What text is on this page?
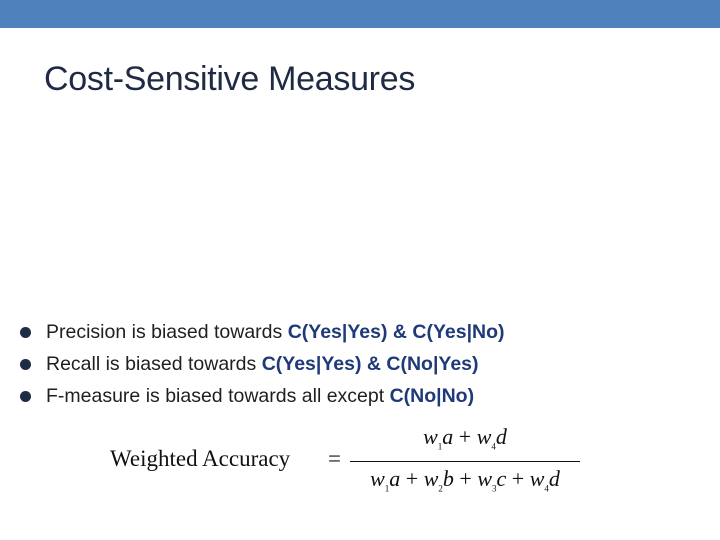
Cost-Sensitive Measures
Precision is biased towards C(Yes|Yes) & C(Yes|No)
Recall is biased towards C(Yes|Yes) & C(No|Yes)
F-measure is biased towards all except C(No|No)
Weighted Accuracy =
$w_1a + w_4d$
$w_1a + w_2b + w_3c + w_4d$
